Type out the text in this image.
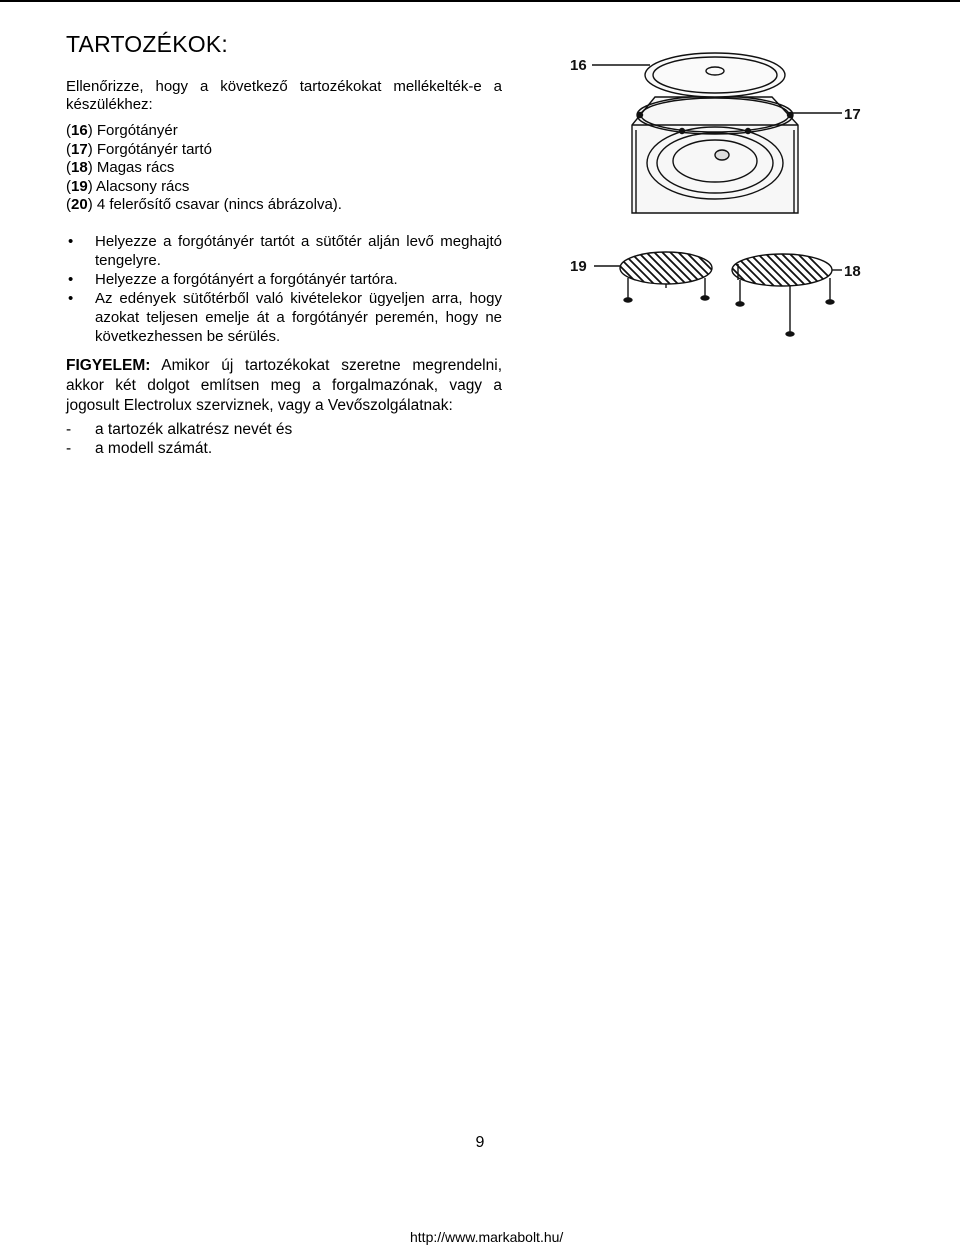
TARTOZÉKOK:
Ellenőrizze, hogy a következő tartozékokat mellékelték-e a készülékhez:
(16) Forgótányér
(17) Forgótányér tartó
(18) Magas rács
(19) Alacsony rács
(20) 4 felerősítő csavar (nincs ábrázolva).
• Helyezze a forgótányér tartót a sütőtér alján levő meghajtó tengelyre.
• Helyezze a forgótányért a forgótányér tartóra.
• Az edények sütőtérből való kivételekor ügyeljen arra, hogy azokat teljesen emelje át a forgótányér peremén, hogy ne következhessen be sérülés.
FIGYELEM: Amikor új tartozékokat szeretne megrendelni, akkor két dolgot említsen meg a forgalmazónak, vagy a jogosult Electrolux szerviznek, vagy a Vevőszolgálatnak:
- a tartozék alkatrész nevét és
- a modell számát.
16
17
19	18
9
http://www.markabolt.hu/
